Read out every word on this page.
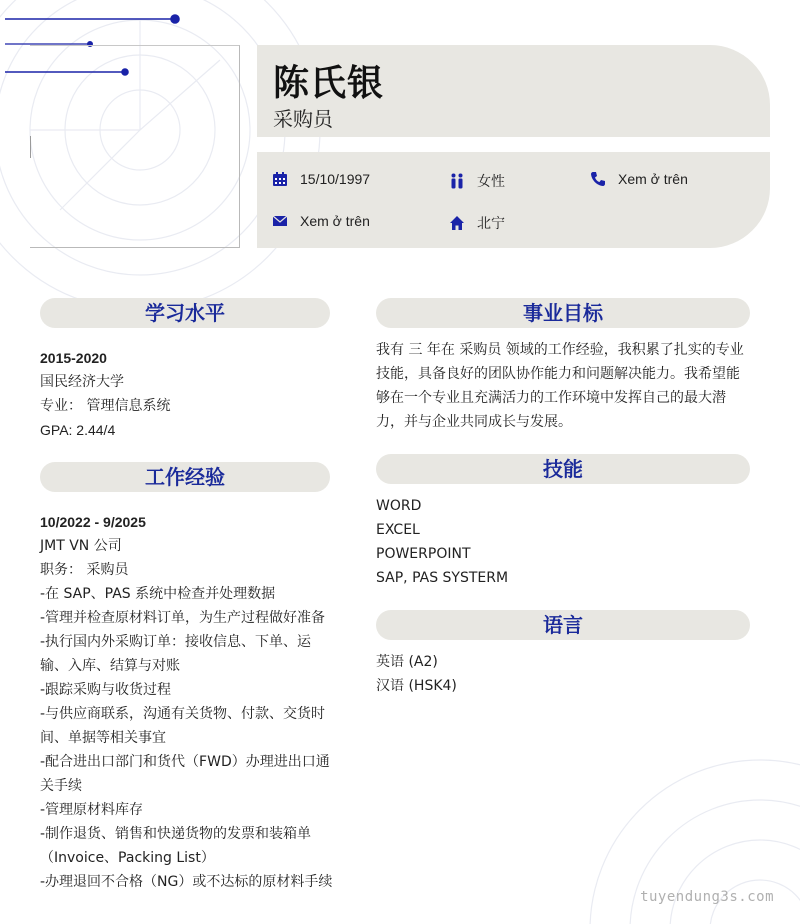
陈氏银
采购员
15/10/1997	女性	Xem ở trên
Xem ở trên	北宁
学习水平
2015-2020
国民经济大学
专业： 管理信息系统
GPA: 2.44/4
工作经验
10/2022 - 9/2025
JMT VN 公司
职务： 采购员
-在 SAP、PAS 系统中检查并处理数据
-管理并检查原材料订单，为生产过程做好准备
-执行国内外采购订单：接收信息、下单、运
输、入库、结算与对账
-跟踪采购与收货过程
-与供应商联系，沟通有关货物、付款、交货时
间、单据等相关事宜
-配合进出口部门和货代（FWD）办理进出口通
关手续
-管理原材料库存
-制作退货、销售和快递货物的发票和装箱单
（Invoice、Packing List）
-办理退回不合格（NG）或不达标的原材料手续
事业目标
我有 三 年在 采购员 领域的工作经验，我积累了扎实的专业
技能，具备良好的团队协作能力和问题解决能力。我希望能
够在一个专业且充满活力的工作环境中发挥自己的最大潜
力，并与企业共同成长与发展。
技能
WORD
EXCEL
POWERPOINT
SAP, PAS SYSTERM
语言
英语 (A2)
汉语 (HSK4)
tuyendung3s.com
